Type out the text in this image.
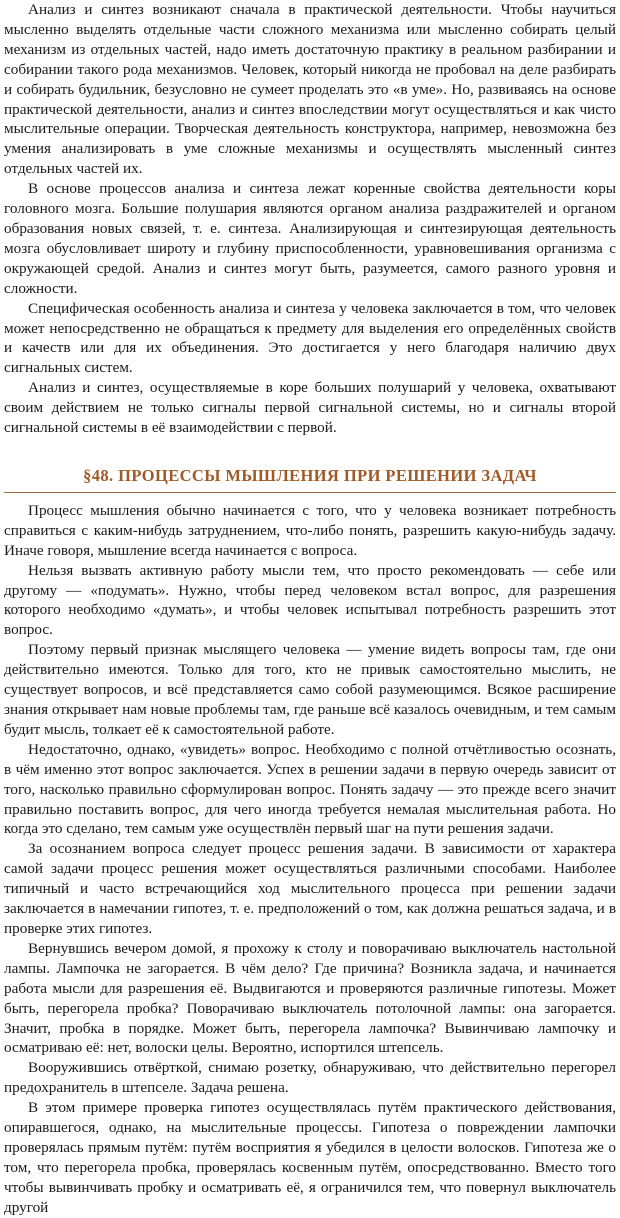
Анализ и синтез возникают сначала в практической деятельности. Чтобы научиться мысленно выделять отдельные части сложного механизма или мысленно собирать целый механизм из отдельных частей, надо иметь достаточную практику в реальном разбирании и собирании такого рода механизмов. Человек, который никогда не пробовал на деле разбирать и собирать будильник, безусловно не сумеет проделать это «в уме». Но, развиваясь на основе практической деятельности, анализ и синтез впоследствии могут осуществляться и как чисто мыслительные операции. Творческая деятельность конструктора, например, невозможна без умения анализировать в уме сложные механизмы и осуществлять мысленный синтез отдельных частей их.

В основе процессов анализа и синтеза лежат коренные свойства деятельности коры головного мозга. Большие полушария являются органом анализа раздражителей и органом образования новых связей, т. е. синтеза. Анализирующая и синтезирующая деятельность мозга обусловливает широту и глубину приспособленности, уравновешивания организма с окружающей средой. Анализ и синтез могут быть, разумеется, самого разного уровня и сложности.

Специфическая особенность анализа и синтеза у человека заключается в том, что человек может непосредственно не обращаться к предмету для выделения его определённых свойств и качеств или для их объединения. Это достигается у него благодаря наличию двух сигнальных систем.

Анализ и синтез, осуществляемые в коре больших полушарий у человека, охватывают своим действием не только сигналы первой сигнальной системы, но и сигналы второй сигнальной системы в её взаимодействии с первой.

§48. ПРОЦЕССЫ МЫШЛЕНИЯ ПРИ РЕШЕНИИ ЗАДАЧ

Процесс мышления обычно начинается с того, что у человека возникает потребность справиться с каким-нибудь затруднением, что-либо понять, разрешить какую-нибудь задачу. Иначе говоря, мышление всегда начинается с вопроса.

Нельзя вызвать активную работу мысли тем, что просто рекомендовать — себе или другому — «подумать». Нужно, чтобы перед человеком встал вопрос, для разрешения которого необходимо «думать», и чтобы человек испытывал потребность разрешить этот вопрос.

Поэтому первый признак мыслящего человека — умение видеть вопросы там, где они действительно имеются. Только для того, кто не привык самостоятельно мыслить, не существует вопросов, и всё представляется само собой разумеющимся. Всякое расширение знания открывает нам новые проблемы там, где раньше всё казалось очевидным, и тем самым будит мысль, толкает её к самостоятельной работе.

Недостаточно, однако, «увидеть» вопрос. Необходимо с полной отчётливостью осознать, в чём именно этот вопрос заключается. Успех в решении задачи в первую очередь зависит от того, насколько правильно сформулирован вопрос. Понять задачу — это прежде всего значит правильно поставить вопрос, для чего иногда требуется немалая мыслительная работа. Но когда это сделано, тем самым уже осуществлён первый шаг на пути решения задачи.

За осознанием вопроса следует процесс решения задачи. В зависимости от характера самой задачи процесс решения может осуществляться различными способами. Наиболее типичный и часто встречающийся ход мыслительного процесса при решении задачи заключается в намечании гипотез, т. е. предположений о том, как должна решаться задача, и в проверке этих гипотез.

Вернувшись вечером домой, я прохожу к столу и поворачиваю выключатель настольной лампы. Лампочка не загорается. В чём дело? Где причина? Возникла задача, и начинается работа мысли для разрешения её. Выдвигаются и проверяются различные гипотезы. Может быть, перегорела пробка? Поворачиваю выключатель потолочной лампы: она загорается. Значит, пробка в порядке. Может быть, перегорела лампочка? Вывинчиваю лампочку и осматриваю её: нет, волоски целы. Вероятно, испортился штепсель.

Вооружившись отвёрткой, снимаю розетку, обнаруживаю, что действительно перегорел предохранитель в штепселе. Задача решена.

В этом примере проверка гипотез осуществлялась путём практического действования, опиравшегося, однако, на мыслительные процессы. Гипотеза о повреждении лампочки проверялась прямым путём: путём восприятия я убедился в целости волосков. Гипотеза же о том, что перегорела пробка, проверялась косвенным путём, опосредствованно. Вместо того чтобы вывинчивать пробку и осматривать её, я ограничился тем, что повернул выключатель другой
